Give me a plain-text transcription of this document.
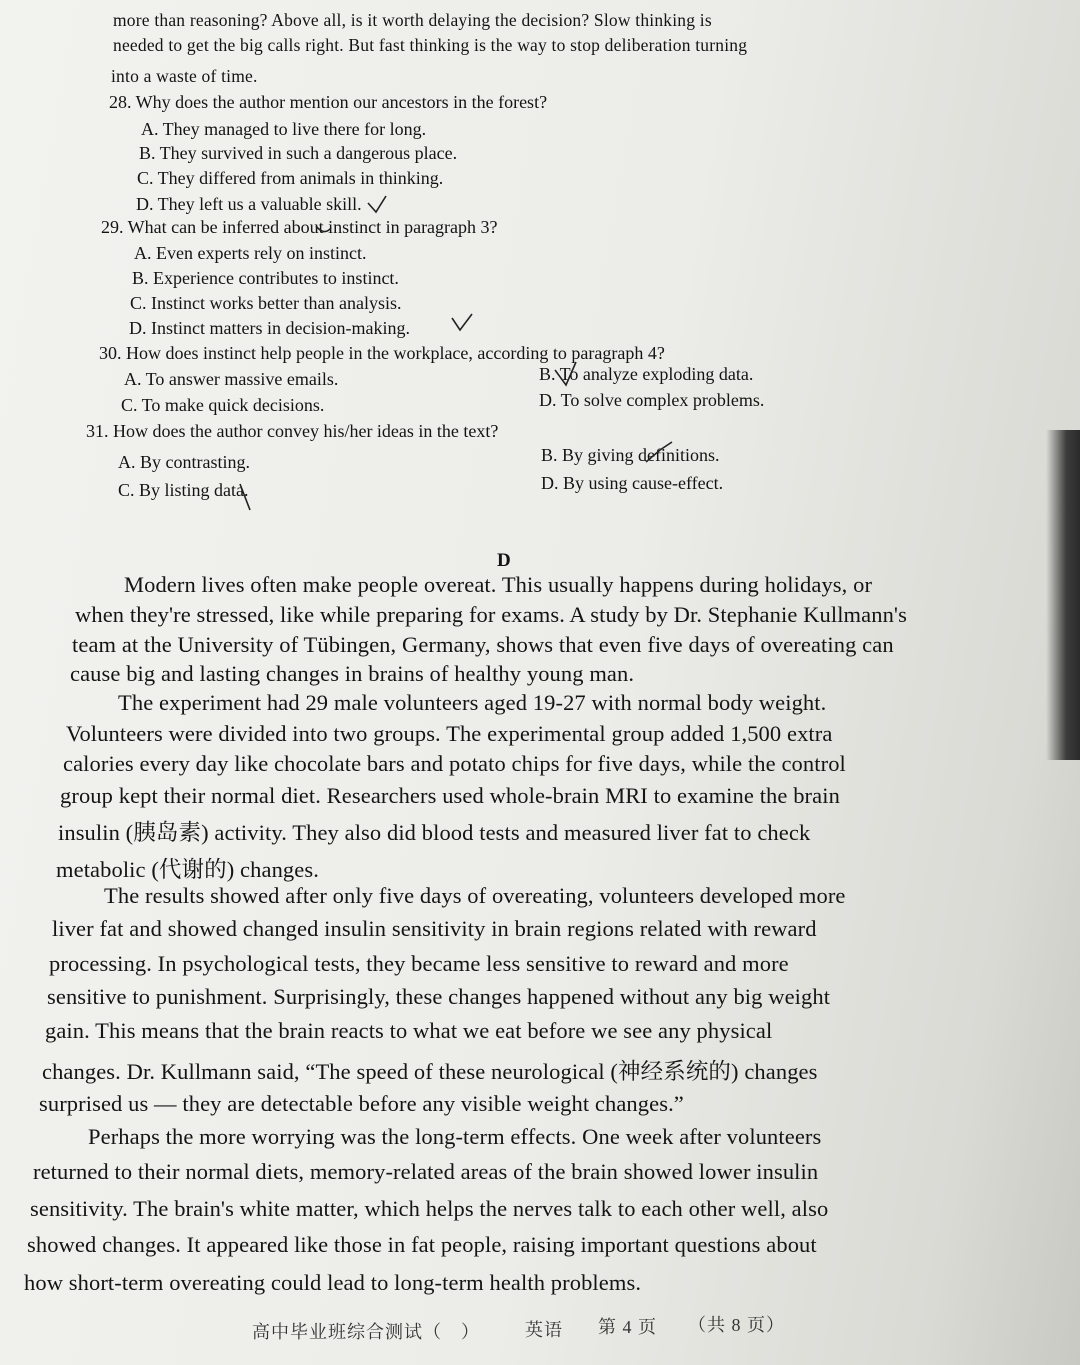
more than reasoning? Above all, is it worth delaying the decision? Slow thinking is
needed to get the big calls right. But fast thinking is the way to stop deliberation turning
into a waste of time.
28. Why does the author mention our ancestors in the forest?
A. They managed to live there for long.
B. They survived in such a dangerous place.
C. They differed from animals in thinking.
D. They left us a valuable skill.
29. What can be inferred about instinct in paragraph 3?
A. Even experts rely on instinct.
B. Experience contributes to instinct.
C. Instinct works better than analysis.
D. Instinct matters in decision-making.
30. How does instinct help people in the workplace, according to paragraph 4?
A. To answer massive emails.	B. To analyze exploding data.
C. To make quick decisions.	D. To solve complex problems.
31. How does the author convey his/her ideas in the text?
A. By contrasting.	B. By giving definitions.
C. By listing data.	D. By using cause-effect.
D
Modern lives often make people overeat. This usually happens during holidays, or
when they're stressed, like while preparing for exams. A study by Dr. Stephanie Kullmann's
team at the University of Tübingen, Germany, shows that even five days of overeating can
cause big and lasting changes in brains of healthy young man.
The experiment had 29 male volunteers aged 19-27 with normal body weight.
Volunteers were divided into two groups. The experimental group added 1,500 extra
calories every day like chocolate bars and potato chips for five days, while the control
group kept their normal diet. Researchers used whole-brain MRI to examine the brain
insulin (胰岛素) activity. They also did blood tests and measured liver fat to check
metabolic (代谢的) changes.
The results showed after only five days of overeating, volunteers developed more
liver fat and showed changed insulin sensitivity in brain regions related with reward
processing. In psychological tests, they became less sensitive to reward and more
sensitive to punishment. Surprisingly, these changes happened without any big weight
gain. This means that the brain reacts to what we eat before we see any physical
changes. Dr. Kullmann said, “The speed of these neurological (神经系统的) changes
surprised us — they are detectable before any visible weight changes.”
Perhaps the more worrying was the long-term effects. One week after volunteers
returned to their normal diets, memory-related areas of the brain showed lower insulin
sensitivity. The brain's white matter, which helps the nerves talk to each other well, also
showed changes. It appeared like those in fat people, raising important questions about
how short-term overeating could lead to long-term health problems.
高中毕业班综合测试（　）	英语 第 4 页 （共 8 页）
